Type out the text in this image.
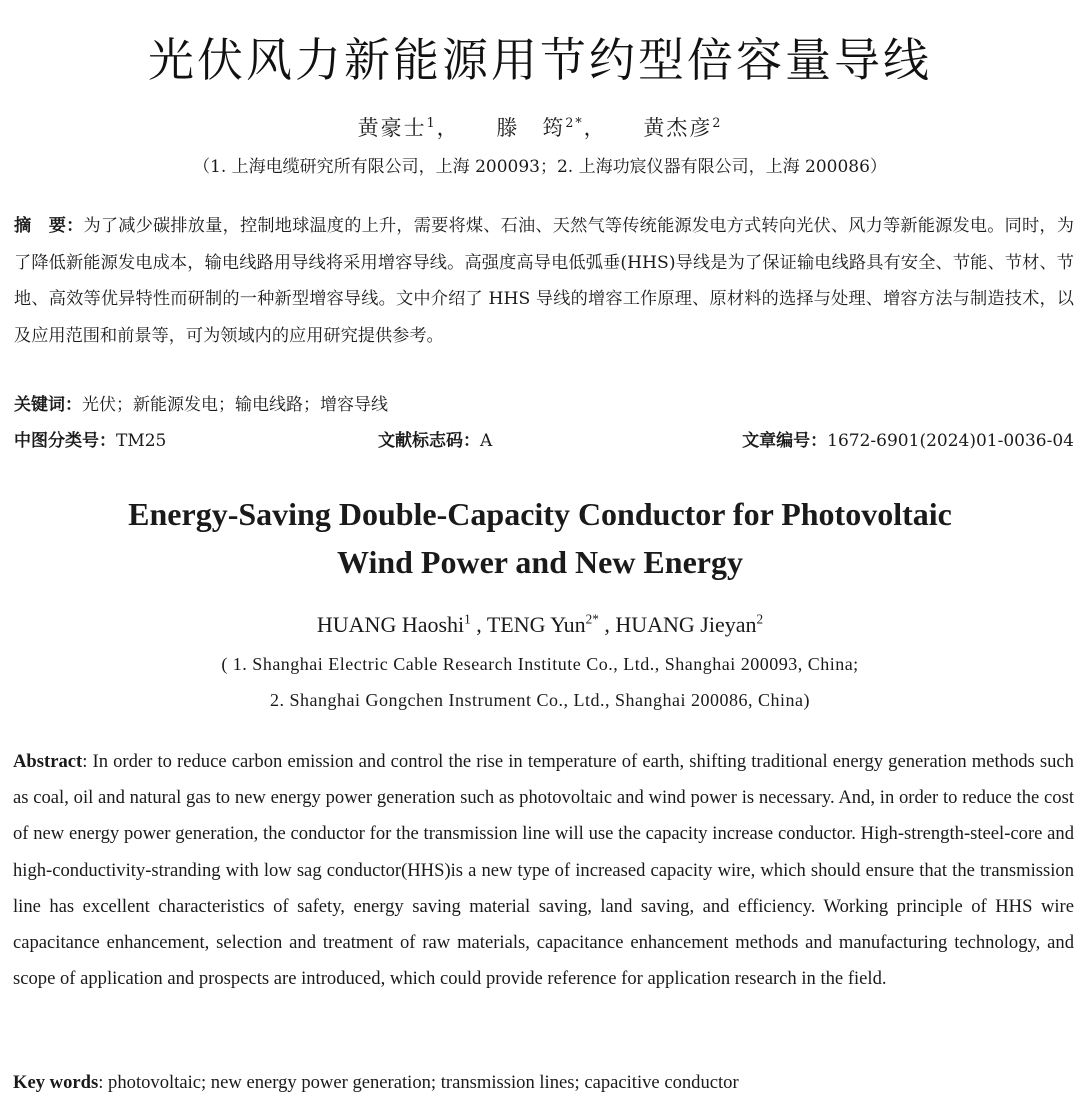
光伏风力新能源用节约型倍容量导线
黄豪士$^1$， 滕　筠$^{2*}$， 黄杰彦$^2$
（1. 上海电缆研究所有限公司，上海 200093；2. 上海功宸仪器有限公司，上海 200086）
摘　要：为了减少碳排放量，控制地球温度的上升，需要将煤、石油、天然气等传统能源发电方式转向光伏、风力等新能源发电。同时，为了降低新能源发电成本，输电线路用导线将采用增容导线。高强度高导电低弧垂(HHS)导线是为了保证输电线路具有安全、节能、节材、节地、高效等优异特性而研制的一种新型增容导线。文中介绍了 HHS 导线的增容工作原理、原材料的选择与处理、增容方法与制造技术，以及应用范围和前景等，可为领域内的应用研究提供参考。
关键词：光伏；新能源发电；输电线路；增容导线
中图分类号：TM25	文献标志码：A	文章编号：1672-6901(2024)01-0036-04
Energy-Saving Double-Capacity Conductor for Photovoltaic
Wind Power and New Energy
HUANG Haoshi$^1$ , TENG Yun$^{2*}$ , HUANG Jieyan$^2$
( 1. Shanghai Electric Cable Research Institute Co., Ltd., Shanghai 200093, China;
2. Shanghai Gongchen Instrument Co., Ltd., Shanghai 200086, China)
Abstract: In order to reduce carbon emission and control the rise in temperature of earth, shifting traditional energy generation methods such as coal, oil and natural gas to new energy power generation such as photovoltaic and wind power is necessary. And, in order to reduce the cost of new energy power generation, the conductor for the transmission line will use the capacity increase conductor. High-strength-steel-core and high-conductivity-stranding with low sag conductor(HHS)is a new type of increased capacity wire, which should ensure that the transmission line has excellent characteristics of safety, energy saving material saving, land saving, and efficiency. Working principle of HHS wire capacitance enhancement, selection and treatment of raw materials, capacitance enhancement methods and manufacturing technology, and scope of application and prospects are introduced, which could provide reference for application research in the field.
Key words: photovoltaic; new energy power generation; transmission lines; capacitive conductor
